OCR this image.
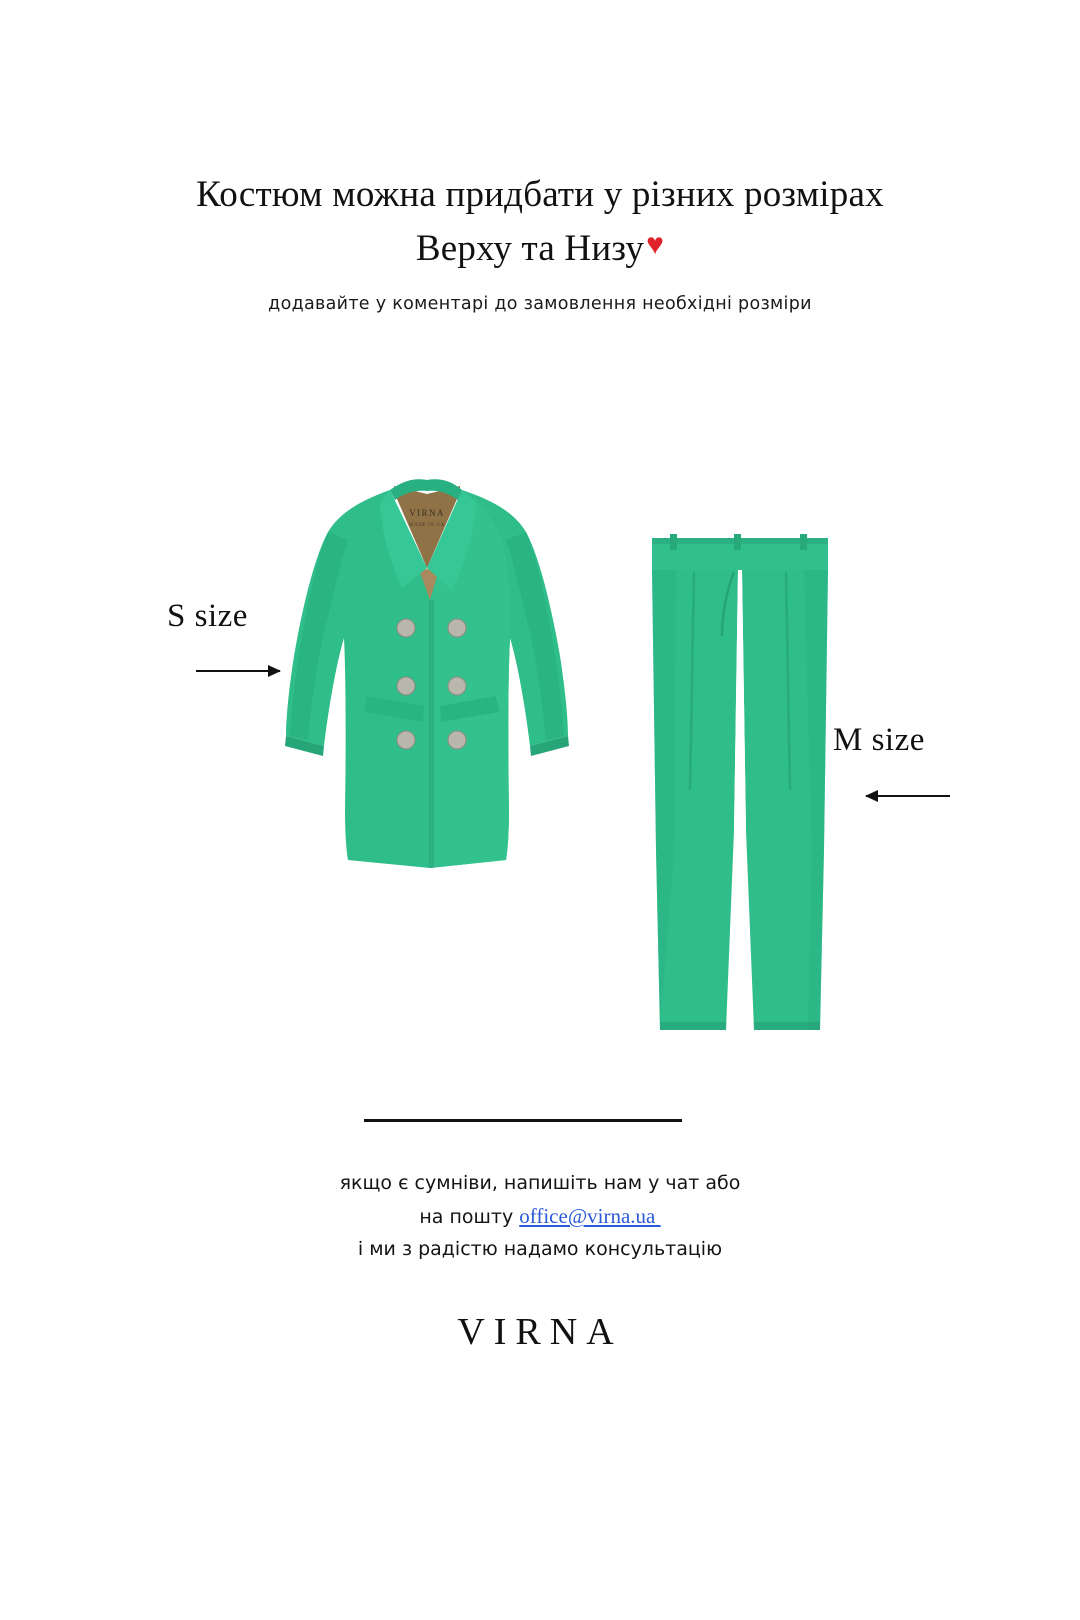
Костюм можна придбати у різних розмірах
Верху та Низу♥
додавайте у коментарі до замовлення необхідні розміри
S size
M size
VIRNA
MADE IN UA
якщо є сумніви, напишіть нам у чат або
на пошту office@virna.ua
і ми з радістю надамо консультацію
VIRNA
